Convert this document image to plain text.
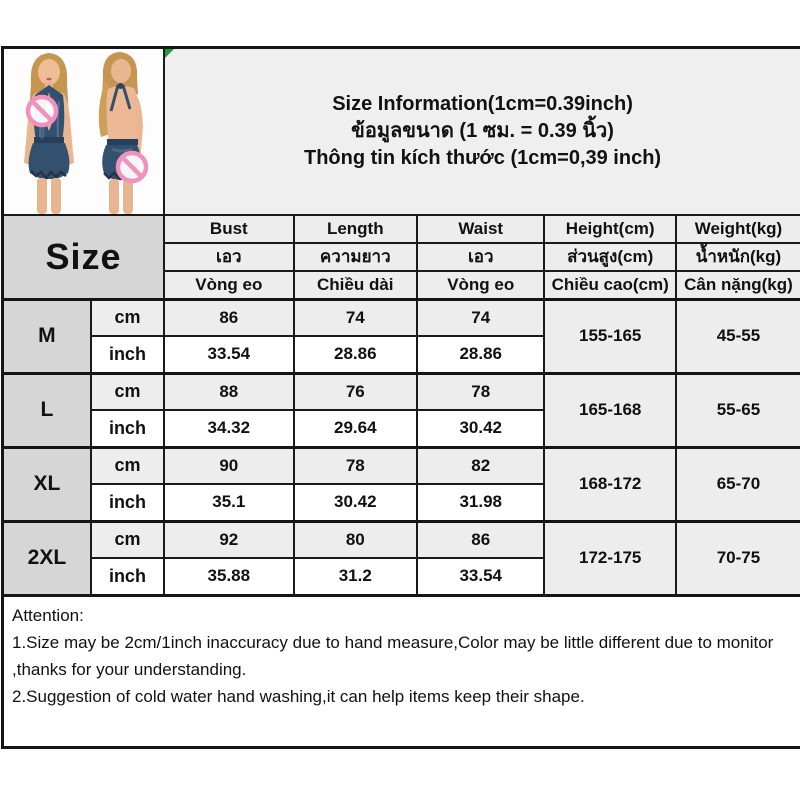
Size Information(1cm=0.39inch)
ข้อมูลขนาด (1 ซม. = 0.39 นิ้ว)
Thông tin kích thước (1cm=0,39 inch)				

Size		Bust	Length	Waist	Height(cm)	Weight(kg)
		เอว	ความยาว	เอว	ส่วนสูง(cm)	น้ำหนัก(kg)
		Vòng eo	Chiều dài	Vòng eo	Chiều cao(cm)	Cân nặng(kg)
M	cm	86	74	74	155-165	45-55
	inch	33.54	28.86	28.86		
L	cm	88	76	78	165-168	55-65
	inch	34.32	29.64	30.42		
XL	cm	90	78	82	168-172	65-70
	inch	35.1	30.42	31.98		
2XL	cm	92	80	86	172-175	70-75
	inch	35.88	31.2	33.54		
Attention:
1.Size may be 2cm/1inch inaccuracy due to hand measure,Color may be little different due to monitor
,thanks for your understanding.
2.Suggestion of cold water hand washing,it can help items keep their shape.
